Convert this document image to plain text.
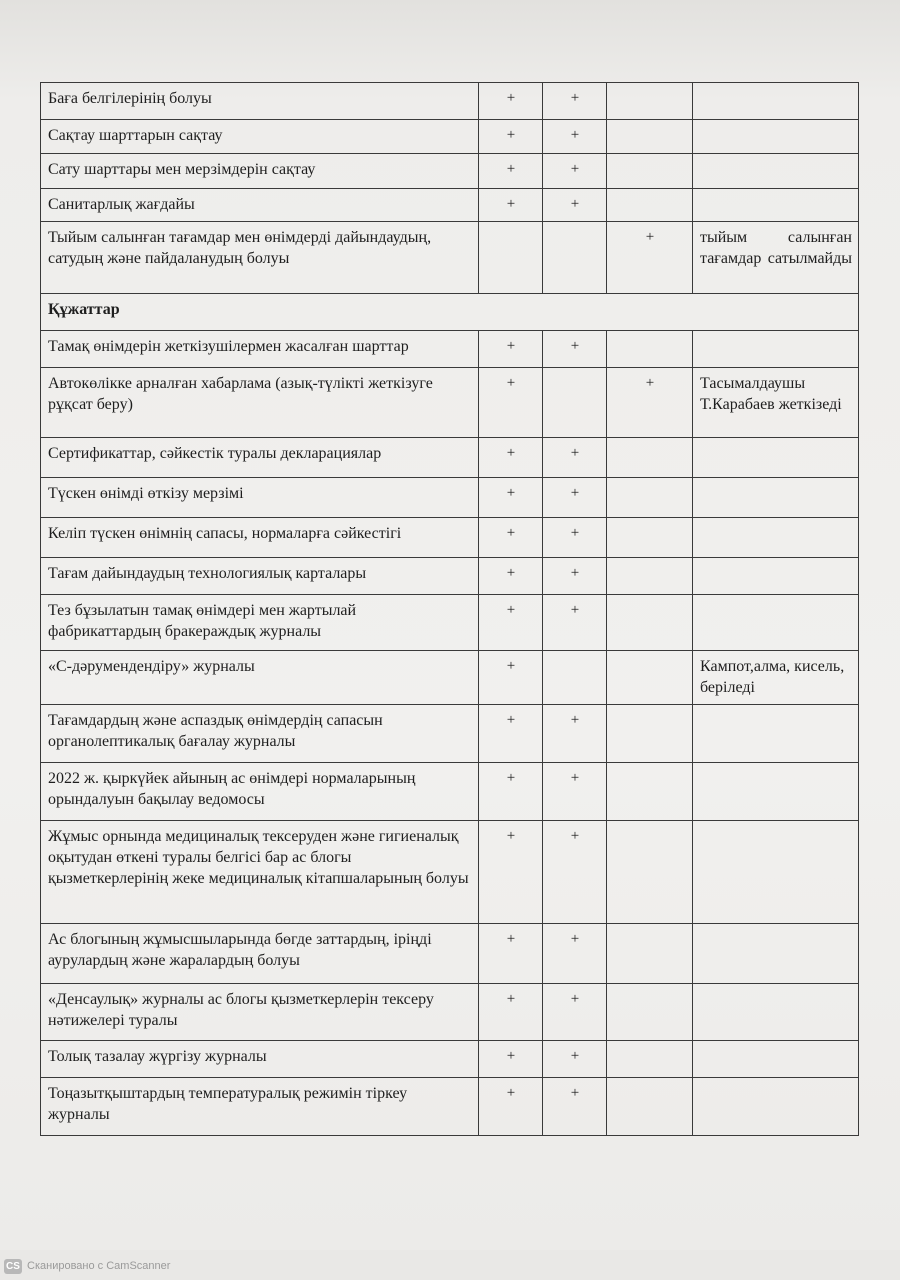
Баға белгілерінің болуы	+	+		
Сақтау шарттарын сақтау	+	+		
Сату шарттары мен мерзімдерін сақтау	+	+		
Санитарлық жағдайы	+	+		
Тыйым салынған тағамдар мен өнімдерді дайындаудың, сатудың және пайдаланудың болуы			+	тыйым салынған тағамдар сатылмайды
Құжаттар				
Тамақ өнімдерін жеткізушілермен жасалған шарттар	+	+		
Автокөлікке арналған хабарлама (азық-түлікті жеткізуге рұқсат беру)	+		+	Тасымалдаушы Т.Карабаев жеткізеді
Сертификаттар, сәйкестік туралы декларациялар	+	+		
Түскен өнімді өткізу мерзімі	+	+		
Келіп түскен өнімнің сапасы, нормаларға сәйкестігі	+	+		
Тағам дайындаудың технологиялық карталары	+	+		
Тез бұзылатын тамақ өнімдері мен жартылай фабрикаттардың бракераждық журналы	+	+		
«С-дәрумендендіру» журналы	+			Кампот,алма, кисель, беріледі
Тағамдардың және аспаздық өнімдердің сапасын органолептикалық бағалау журналы	+	+		
2022 ж. қыркүйек айының ас өнімдері нормаларының орындалуын бақылау ведомосы	+	+		
Жұмыс орнында медициналық тексеруден және гигиеналық оқытудан өткені туралы белгісі бар ас блогы қызметкерлерінің жеке медициналық кітапшаларының болуы	+	+		
Ас блогының жұмысшыларында бөгде заттардың, іріңді аурулардың және жаралардың болуы	+	+		
«Денсаулық» журналы ас блогы қызметкерлерін тексеру нәтижелері туралы	+	+		
Толық тазалау жүргізу журналы	+	+		
Тоңазытқыштардың температуралық режимін тіркеу журналы	+	+		
CS Сканировано с CamScanner
